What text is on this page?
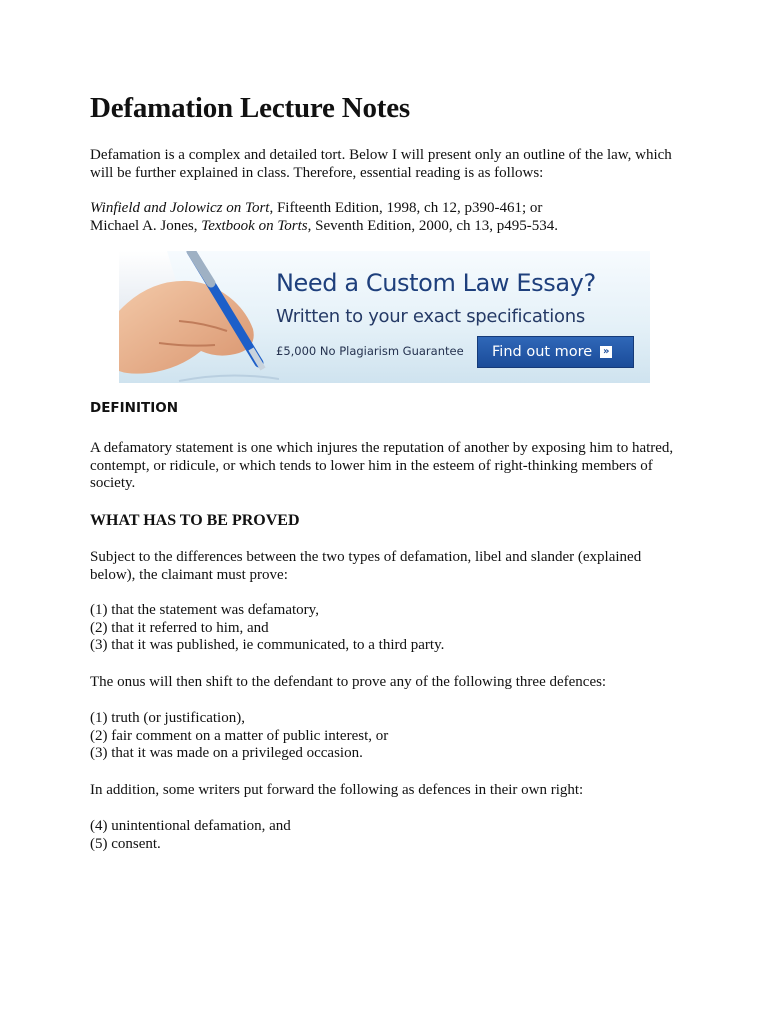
Defamation Lecture Notes

Defamation is a complex and detailed tort. Below I will present only an outline of the law, which
will be further explained in class. Therefore, essential reading is as follows:

Winfield and Jolowicz on Tort, Fifteenth Edition, 1998, ch 12, p390-461; or
Michael A. Jones, Textbook on Torts, Seventh Edition, 2000, ch 13, p495-534.

Need a Custom Law Essay?
Written to your exact specifications
£5,000 No Plagiarism Guarantee Find out more »
DEFINITION

A defamatory statement is one which injures the reputation of another by exposing him to hatred,
contempt, or ridicule, or which tends to lower him in the esteem of right-thinking members of
society.

WHAT HAS TO BE PROVED

Subject to the differences between the two types of defamation, libel and slander (explained
below), the claimant must prove:

(1) that the statement was defamatory,
(2) that it referred to him, and
(3) that it was published, ie communicated, to a third party.

The onus will then shift to the defendant to prove any of the following three defences:

(1) truth (or justification),
(2) fair comment on a matter of public interest, or
(3) that it was made on a privileged occasion.

In addition, some writers put forward the following as defences in their own right:

(4) unintentional defamation, and
(5) consent.
